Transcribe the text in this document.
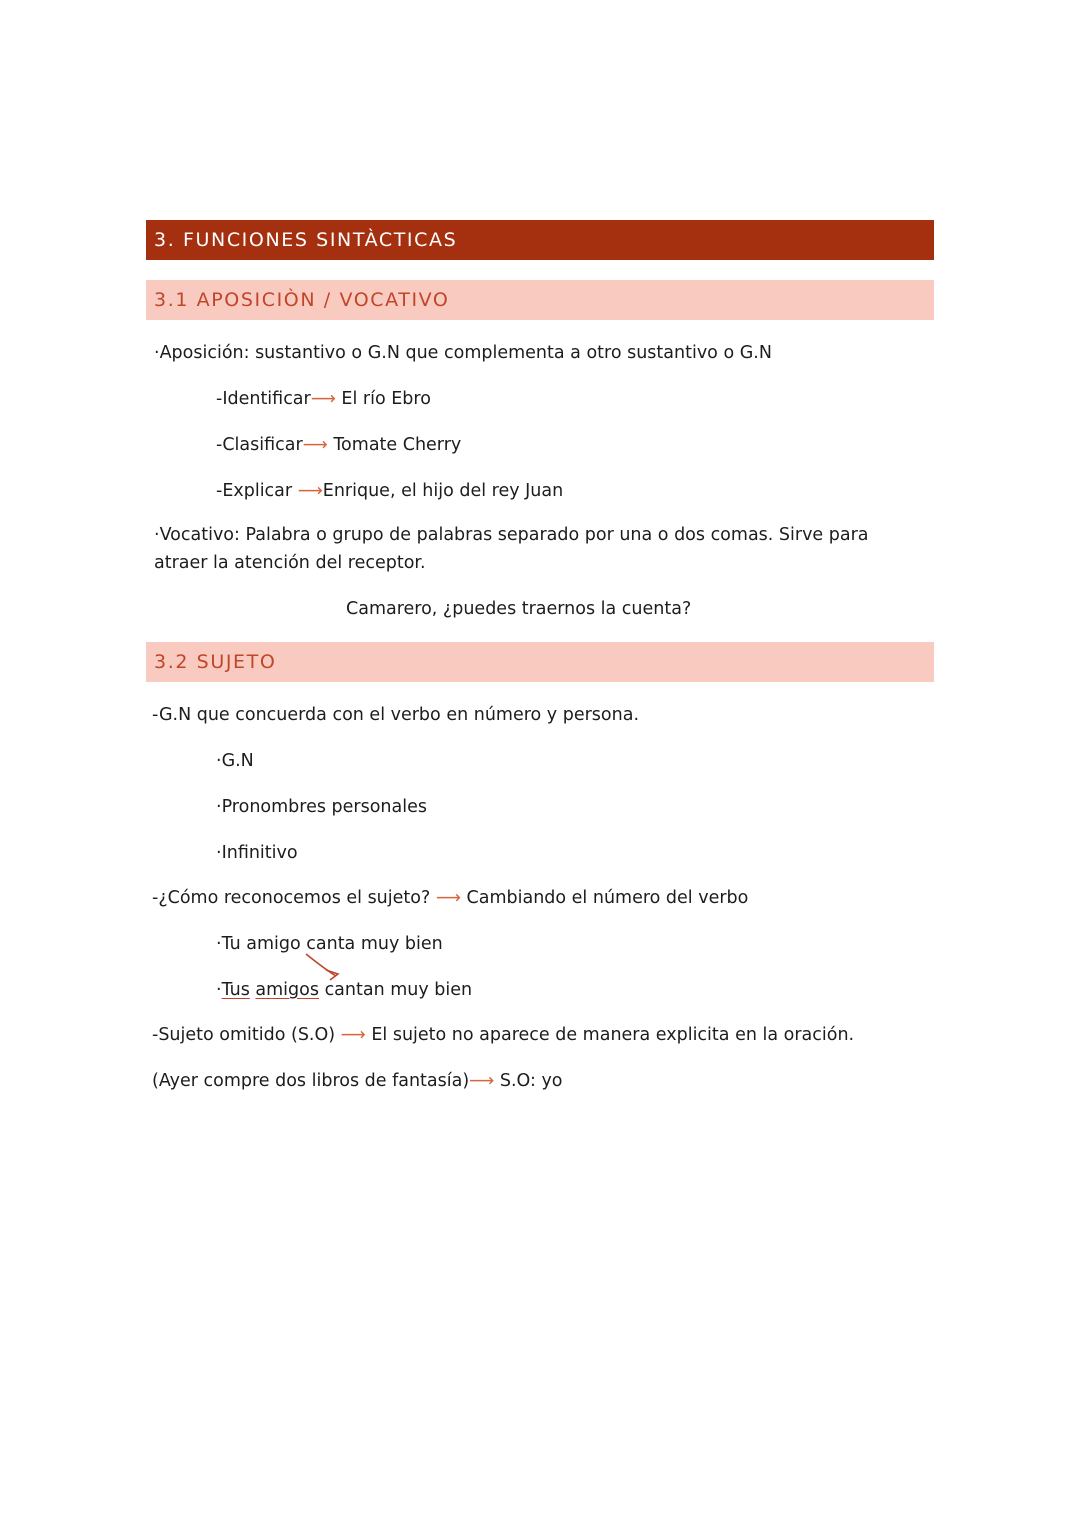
3. FUNCIONES SINTÀCTICAS
3.1 APOSICIÒN / VOCATIVO
·Aposición: sustantivo o G.N que complementa a otro sustantivo o G.N
-Identificar⟶ El río Ebro
-Clasificar⟶ Tomate Cherry
-Explicar ⟶Enrique, el hijo del rey Juan
·Vocativo: Palabra o grupo de palabras separado por una o dos comas. Sirve para atraer la atención del receptor.
Camarero, ¿puedes traernos la cuenta?
3.2 SUJETO
-G.N que concuerda con el verbo en número y persona.
·G.N
·Pronombres personales
·Infinitivo
-¿Cómo reconocemos el sujeto? ⟶ Cambiando el número del verbo
·Tu amigo canta muy bien
·Tus amigos cantan muy bien
-Sujeto omitido (S.O) ⟶ El sujeto no aparece de manera explicita en la oración.
(Ayer compre dos libros de fantasía)⟶ S.O: yo
